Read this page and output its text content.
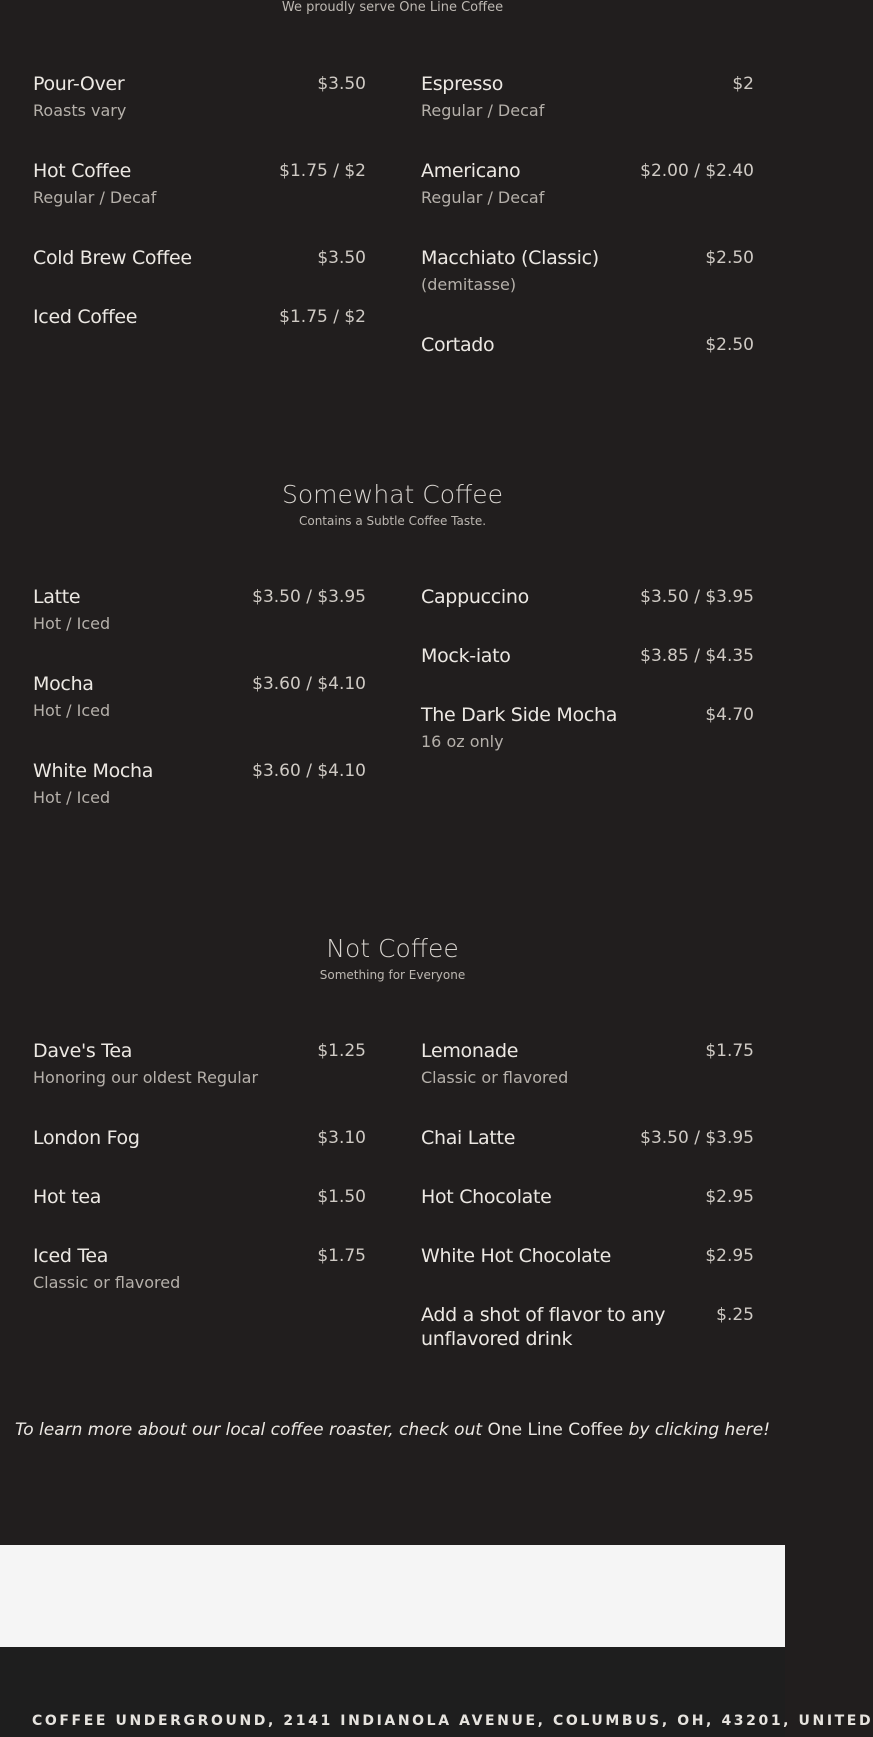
We proudly serve One Line Coffee
Pour-Over	$3.50
Roasts vary
Hot Coffee	$1.75 / $2
Regular / Decaf
Cold Brew Coffee	$3.50
Iced Coffee	$1.75 / $2
Espresso	$2
Regular / Decaf
Americano	$2.00 / $2.40
Regular / Decaf
Macchiato (Classic)	$2.50
(demitasse)
Cortado	$2.50
Somewhat Coffee
Contains a Subtle Coffee Taste.
Latte	$3.50 / $3.95
Hot / Iced
Mocha	$3.60 / $4.10
Hot / Iced
White Mocha	$3.60 / $4.10
Hot / Iced
Cappuccino	$3.50 / $3.95
Mock-iato	$3.85 / $4.35
The Dark Side Mocha	$4.70
16 oz only
Not Coffee
Something for Everyone
Dave's Tea	$1.25
Honoring our oldest Regular
London Fog	$3.10
Hot tea	$1.50
Iced Tea	$1.75
Classic or flavored
Lemonade	$1.75
Classic or flavored
Chai Latte	$3.50 / $3.95
Hot Chocolate	$2.95
White Hot Chocolate	$2.95
Add a shot of flavor to any unflavored drink
$.25
To learn more about our local coffee roaster, check out One Line Coffee by clicking here!
COFFEE UNDERGROUND, 2141 INDIANOLA AVENUE, COLUMBUS, OH, 43201, UNITED
